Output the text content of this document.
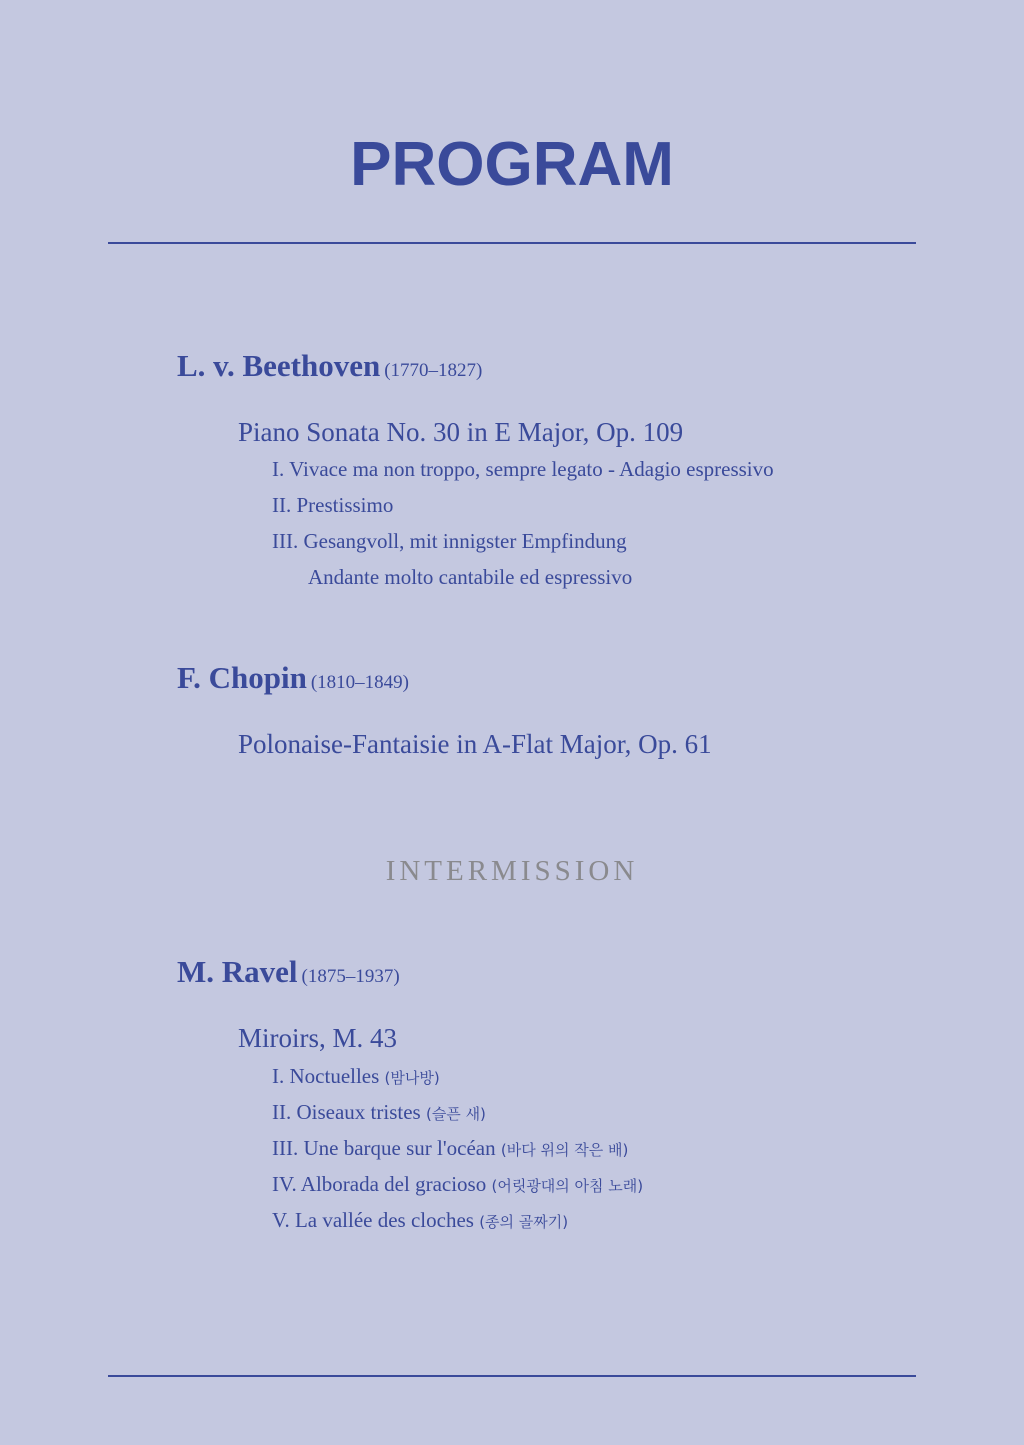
PROGRAM
L. v. Beethoven (1770–1827)
Piano Sonata No. 30 in E Major, Op. 109
I. Vivace ma non troppo, sempre legato - Adagio espressivo
II. Prestissimo
III. Gesangvoll, mit innigster Empfindung
Andante molto cantabile ed espressivo
F. Chopin (1810–1849)
Polonaise-Fantaisie in A-Flat Major, Op. 61
INTERMISSION
M. Ravel (1875–1937)
Miroirs, M. 43
I. Noctuelles (밤나방)
II. Oiseaux tristes (슬픈 새)
III. Une barque sur l'océan (바다 위의 작은 배)
IV. Alborada del gracioso (어릿광대의 아침 노래)
V. La vallée des cloches (종의 골짜기)
